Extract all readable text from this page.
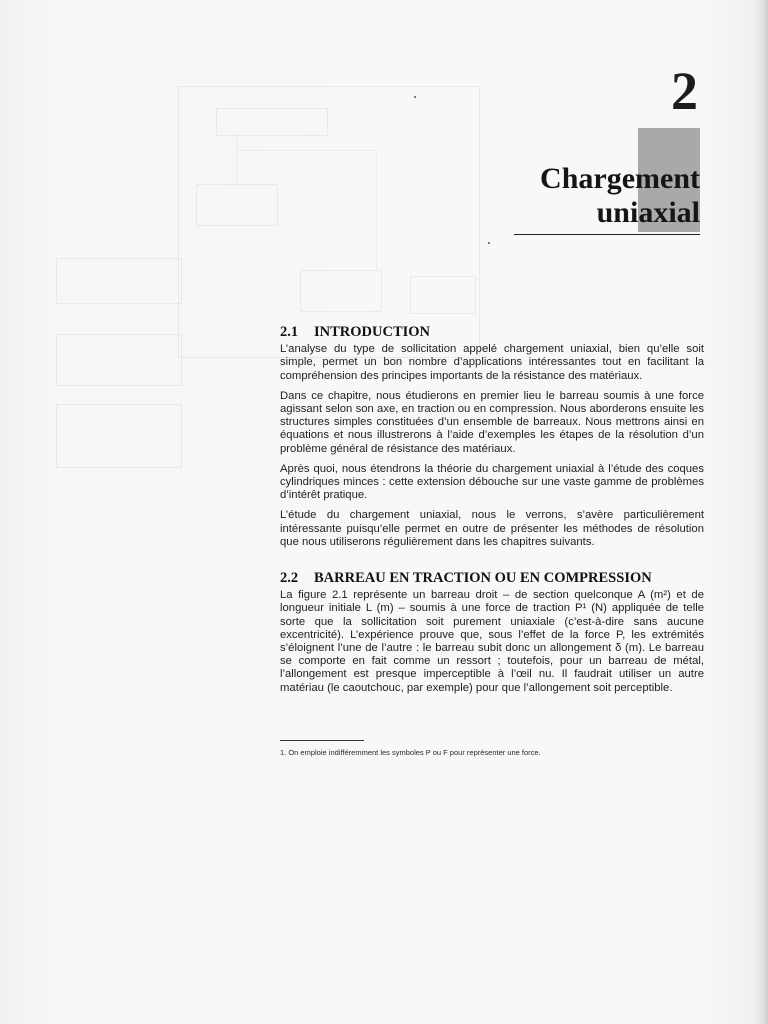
2
Chargement
uniaxial
2.1 INTRODUCTION

L’analyse du type de sollicitation appelé chargement uniaxial, bien qu’elle soit simple, permet un bon nombre d’applications intéressantes tout en facilitant la compréhension des principes importants de la résistance des matériaux.

Dans ce chapitre, nous étudierons en premier lieu le barreau soumis à une force agissant selon son axe, en traction ou en compression. Nous aborderons ensuite les structures simples constituées d’un ensemble de barreaux. Nous mettrons ainsi en équations et nous illustrerons à l’aide d’exemples les étapes de la résolution d’un problème général de résistance des matériaux.

Après quoi, nous étendrons la théorie du chargement uniaxial à l’étude des coques cylindriques minces : cette extension débouche sur une vaste gamme de problèmes d’intérêt pratique.

L’étude du chargement uniaxial, nous le verrons, s’avère particulièrement intéressante puisqu’elle permet en outre de présenter les méthodes de résolution que nous utiliserons régulièrement dans les chapitres suivants.

2.2 BARREAU EN TRACTION OU EN COMPRESSION

La figure 2.1 représente un barreau droit – de section quelconque A (m²) et de longueur initiale L (m) – soumis à une force de traction P¹ (N) appliquée de telle sorte que la sollicitation soit purement uniaxiale (c’est-à-dire sans aucune excentricité). L’expérience prouve que, sous l’effet de la force P, les extrémités s’éloignent l’une de l’autre : le barreau subit donc un allongement δ (m). Le barreau se comporte en fait comme un ressort ; toutefois, pour un barreau de métal, l’allongement est presque imperceptible à l’œil nu. Il faudrait utiliser un autre matériau (le caoutchouc, par exemple) pour que l’allongement soit perceptible.

1. On emploie indifféremment les symboles P ou F pour représenter une force.
